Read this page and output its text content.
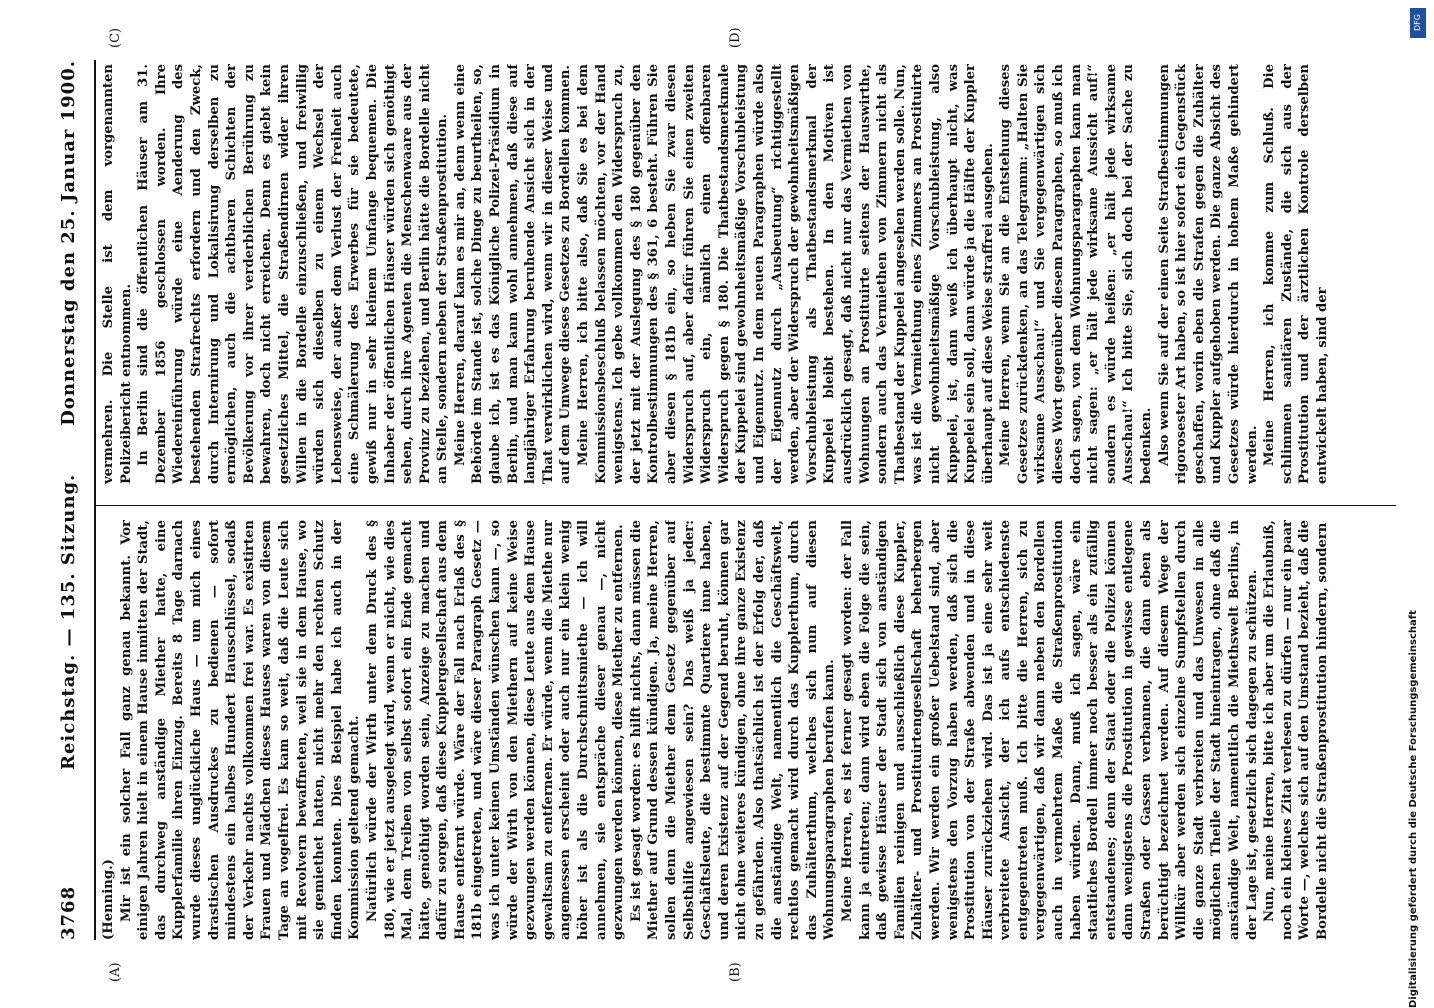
3768
Reichstag. — 135. Sitzung.
Donnerstag den 25. Januar 1900.
(A)	(B)
(C)	(D)

(Henning.) Mir ist ein solcher Fall ganz genau bekannt. Vor einigen Jahren hielt in einem Hause inmitten der Stadt, das durchweg anständige Miether hatte, eine Kupplerfamilie ihren Einzug. Bereits 8 Tage darnach wurde dieses unglückliche Haus — um mich eines drastischen Ausdruckes zu bedienen — sofort mindestens ein halbes Hundert Hausschlüssel, sodaß der Verkehr nachts vollkommen frei war. Es existirten Frauen und Mädchen dieses Hauses waren von diesem Tage an vogelfrei. Es kam so weit, daß die Leute sich mit Revolvern bewaffneten, weil sie in dem Hause, wo sie gemiethet hatten, nicht mehr den rechten Schutz finden konnten. Dies Beispiel habe ich auch in der Kommission geltend gemacht. Natürlich würde der Wirth unter dem Druck des § 180, wie er jetzt ausgelegt wird, wenn er nicht, wie dies Mal, dem Treiben von selbst sofort ein Ende gemacht hätte, genöthigt worden sein, Anzeige zu machen und dafür zu sorgen, daß diese Kupplergesellschaft aus dem Hause entfernt würde. Wäre der Fall nach Erlaß des § 181b eingetreten, und wäre dieser Paragraph Gesetz — was ich unter keinen Umständen wünschen kann —, so würde der Wirth von den Miethern auf keine Weise gezwungen werden können, diese Leute aus dem Hause gewaltsam zu entfernen. Er würde, wenn die Miethe nur angemessen erscheint oder auch nur ein klein wenig höher ist als die Durchschnittsmiethe — ich will annehmen, sie entspräche dieser genau —, nicht gezwungen werden können, diese Miether zu entfernen. Es ist gesagt worden: es hilft nichts, dann müssen die Miether auf Grund dessen kündigen. Ja, meine Herren, sollen denn die Miether dem Gesetz gegenüber auf Selbsthilfe angewiesen sein? Das weiß ja jeder: Geschäftsleute, die bestimmte Quartiere inne haben, und deren Existenz auf der Gegend beruht, können gar nicht ohne weiteres kündigen, ohne ihre ganze Existenz zu gefährden. Also thatsächlich ist der Erfolg der, daß die anständige Welt, namentlich die Geschäftswelt, rechtlos gemacht wird durch das Kupplerthum, durch das Zuhälterthum, welches sich nun auf diesen Wohnungsparagraphen berufen kann. Meine Herren, es ist ferner gesagt worden: der Fall kann ja eintreten; dann wird eben die Folge die sein, daß gewisse Häuser der Stadt sich von anständigen Familien reinigen und ausschließlich diese Kuppler, Zuhälter- und Prostituirtengesellschaft beherbergen werden. Wir werden ein großer Uebelstand sind, aber wenigstens den Vorzug haben werden, daß sich die Prostitution von der Straße abwenden und in diese Häuser zurückziehen wird. Das ist ja eine sehr weit verbreitete Ansicht, der ich aufs entschiedenste entgegentreten muß. Ich bitte die Herren, sich zu vergegenwärtigen, daß wir dann neben den Bordellen auch in vermehrtem Maße die Straßenprostitution haben würden. Dann, muß ich sagen, wäre ein staatliches Bordell immer noch besser als ein zufällig entstandenes; denn der Staat oder die Polizei können dann wenigstens die Prostitution in gewisse entlegene Straßen oder Gassen verbannen, die dann eben als berüchtigt bezeichnet werden. Auf diesem Wege der Willkür aber werden sich einzelne Sumpfstellen durch die ganze Stadt verbreiten und das Unwesen in alle möglichen Theile der Stadt hineintragen, ohne daß die anständige Welt, namentlich die Miethswelt Berlins, in der Lage ist, gesetzlich sich dagegen zu schützen. Nun, meine Herren, bitte ich aber um die Erlaubniß, noch ein kleines Zitat verlesen zu dürfen — nur ein paar Worte —, welches sich auf den Umstand bezieht, daß die Bordelle nicht die Straßenprostitution hindern, sondern

vermehren. Die Stelle ist dem vorgenannten Polizeibericht entnommen. In Berlin sind die öffentlichen Häuser am 31. Dezember 1856 geschlossen worden. Ihre Wiedereinführung würde eine Aenderung des bestehenden Strafrechts erfordern und den Zweck, durch Internirung und Lokalisirung derselben zu ermöglichen, auch die achtbaren Schichten der Bevölkerung vor ihrer verderblichen Berührung zu bewahren, doch nicht erreichen. Denn es giebt kein gesetzliches Mittel, die Straßendirnen wider ihren Willen in die Bordelle einzuschließen, und freiwillig würden sich dieselben zu einem Wechsel der Lebensweise, der außer dem Verlust der Freiheit auch eine Schmälerung des Erwerbes für sie bedeutete, gewiß nur in sehr kleinem Umfange bequemen. Die Inhaber der öffentlichen Häuser würden sich genöthigt sehen, durch ihre Agenten die Menschenwaare aus der Provinz zu beziehen, und Berlin hätte die Bordelle nicht an Stelle, sondern neben der Straßenprostitution. Meine Herren, darauf kam es mir an, denn wenn eine Behörde im Stande ist, solche Dinge zu beurtheilen, so, glaube ich, ist es das Königliche Polizei-Präsidium in Berlin, und man kann wohl annehmen, daß diese auf langjähriger Erfahrung beruhende Ansicht sich in der That verwirklichen wird, wenn wir in dieser Weise und auf dem Umwege dieses Gesetzes zu Bordellen kommen. Meine Herren, ich bitte also, daß Sie es bei dem Kommissionsbeschluß belassen möchten, vor der Hand wenigstens. Ich gebe vollkommen den Widerspruch zu, der jetzt mit der Auslegung des § 180 gegenüber den Kontrolbestimmungen des § 361, 6 besteht. Führen Sie aber diesen § 181b ein, so heben Sie zwar diesen Widerspruch auf, aber dafür führen Sie einen zweiten Widerspruch ein, nämlich einen offenbaren Widerspruch gegen § 180. Die Thatbestandsmerkmale der Kuppelei sind gewohnheitsmäßige Vorschubleistung und Eigennutz. In dem neuen Paragraphen würde also der Eigennutz durch „Ausbeutung“ richtiggestellt werden, aber der Widerspruch der gewohnheitsmäßigen Vorschubleistung als Thatbestandsmerkmal der Kuppelei bleibt bestehen. In den Motiven ist ausdrücklich gesagt, daß nicht nur das Vermiethen von Wohnungen an Prostituirte seitens der Hauswirthe, sondern auch das Vermiethen von Zimmern nicht als Thatbestand der Kuppelei angesehen werden solle. Nun, was ist die Vermiethung eines Zimmers an Prostituirte nicht gewohnheitsmäßige Vorschubleistung, also Kuppelei, ist, dann weiß ich überhaupt nicht, was Kuppelei sein soll, dann würde ja die Hälfte der Kuppler überhaupt auf diese Weise straffrei ausgehen. Meine Herren, wenn Sie an die Entstehung dieses Gesetzes zurückdenken, an das Telegramm: „Halten Sie wirksame Ausschau!“ und Sie vergegenwärtigen sich dieses Wort gegenüber diesem Paragraphen, so muß ich doch sagen, von dem Wohnungsparagraphen kann man nicht sagen: „er hält jede wirksame Aussicht auf!“ sondern es würde heißen: „er hält jede wirksame Ausschau!“ Ich bitte Sie, sich doch bei der Sache zu bedenken. Also wenn Sie auf der einen Seite Strafbestimmungen rigorosester Art haben, so ist hier sofort ein Gegenstück geschaffen, worin eben die Strafen gegen die Zuhälter und Kuppler aufgehoben werden. Die ganze Absicht des Gesetzes würde hierdurch in hohem Maße gehindert werden. Meine Herren, ich komme zum Schluß. Die schlimmen sanitären Zustände, die sich aus der Prostitution und der ärztlichen Kontrole derselben entwickelt haben, sind der

DFG
Digitalisierung gefördert durch die Deutsche Forschungsgemeinschaft
